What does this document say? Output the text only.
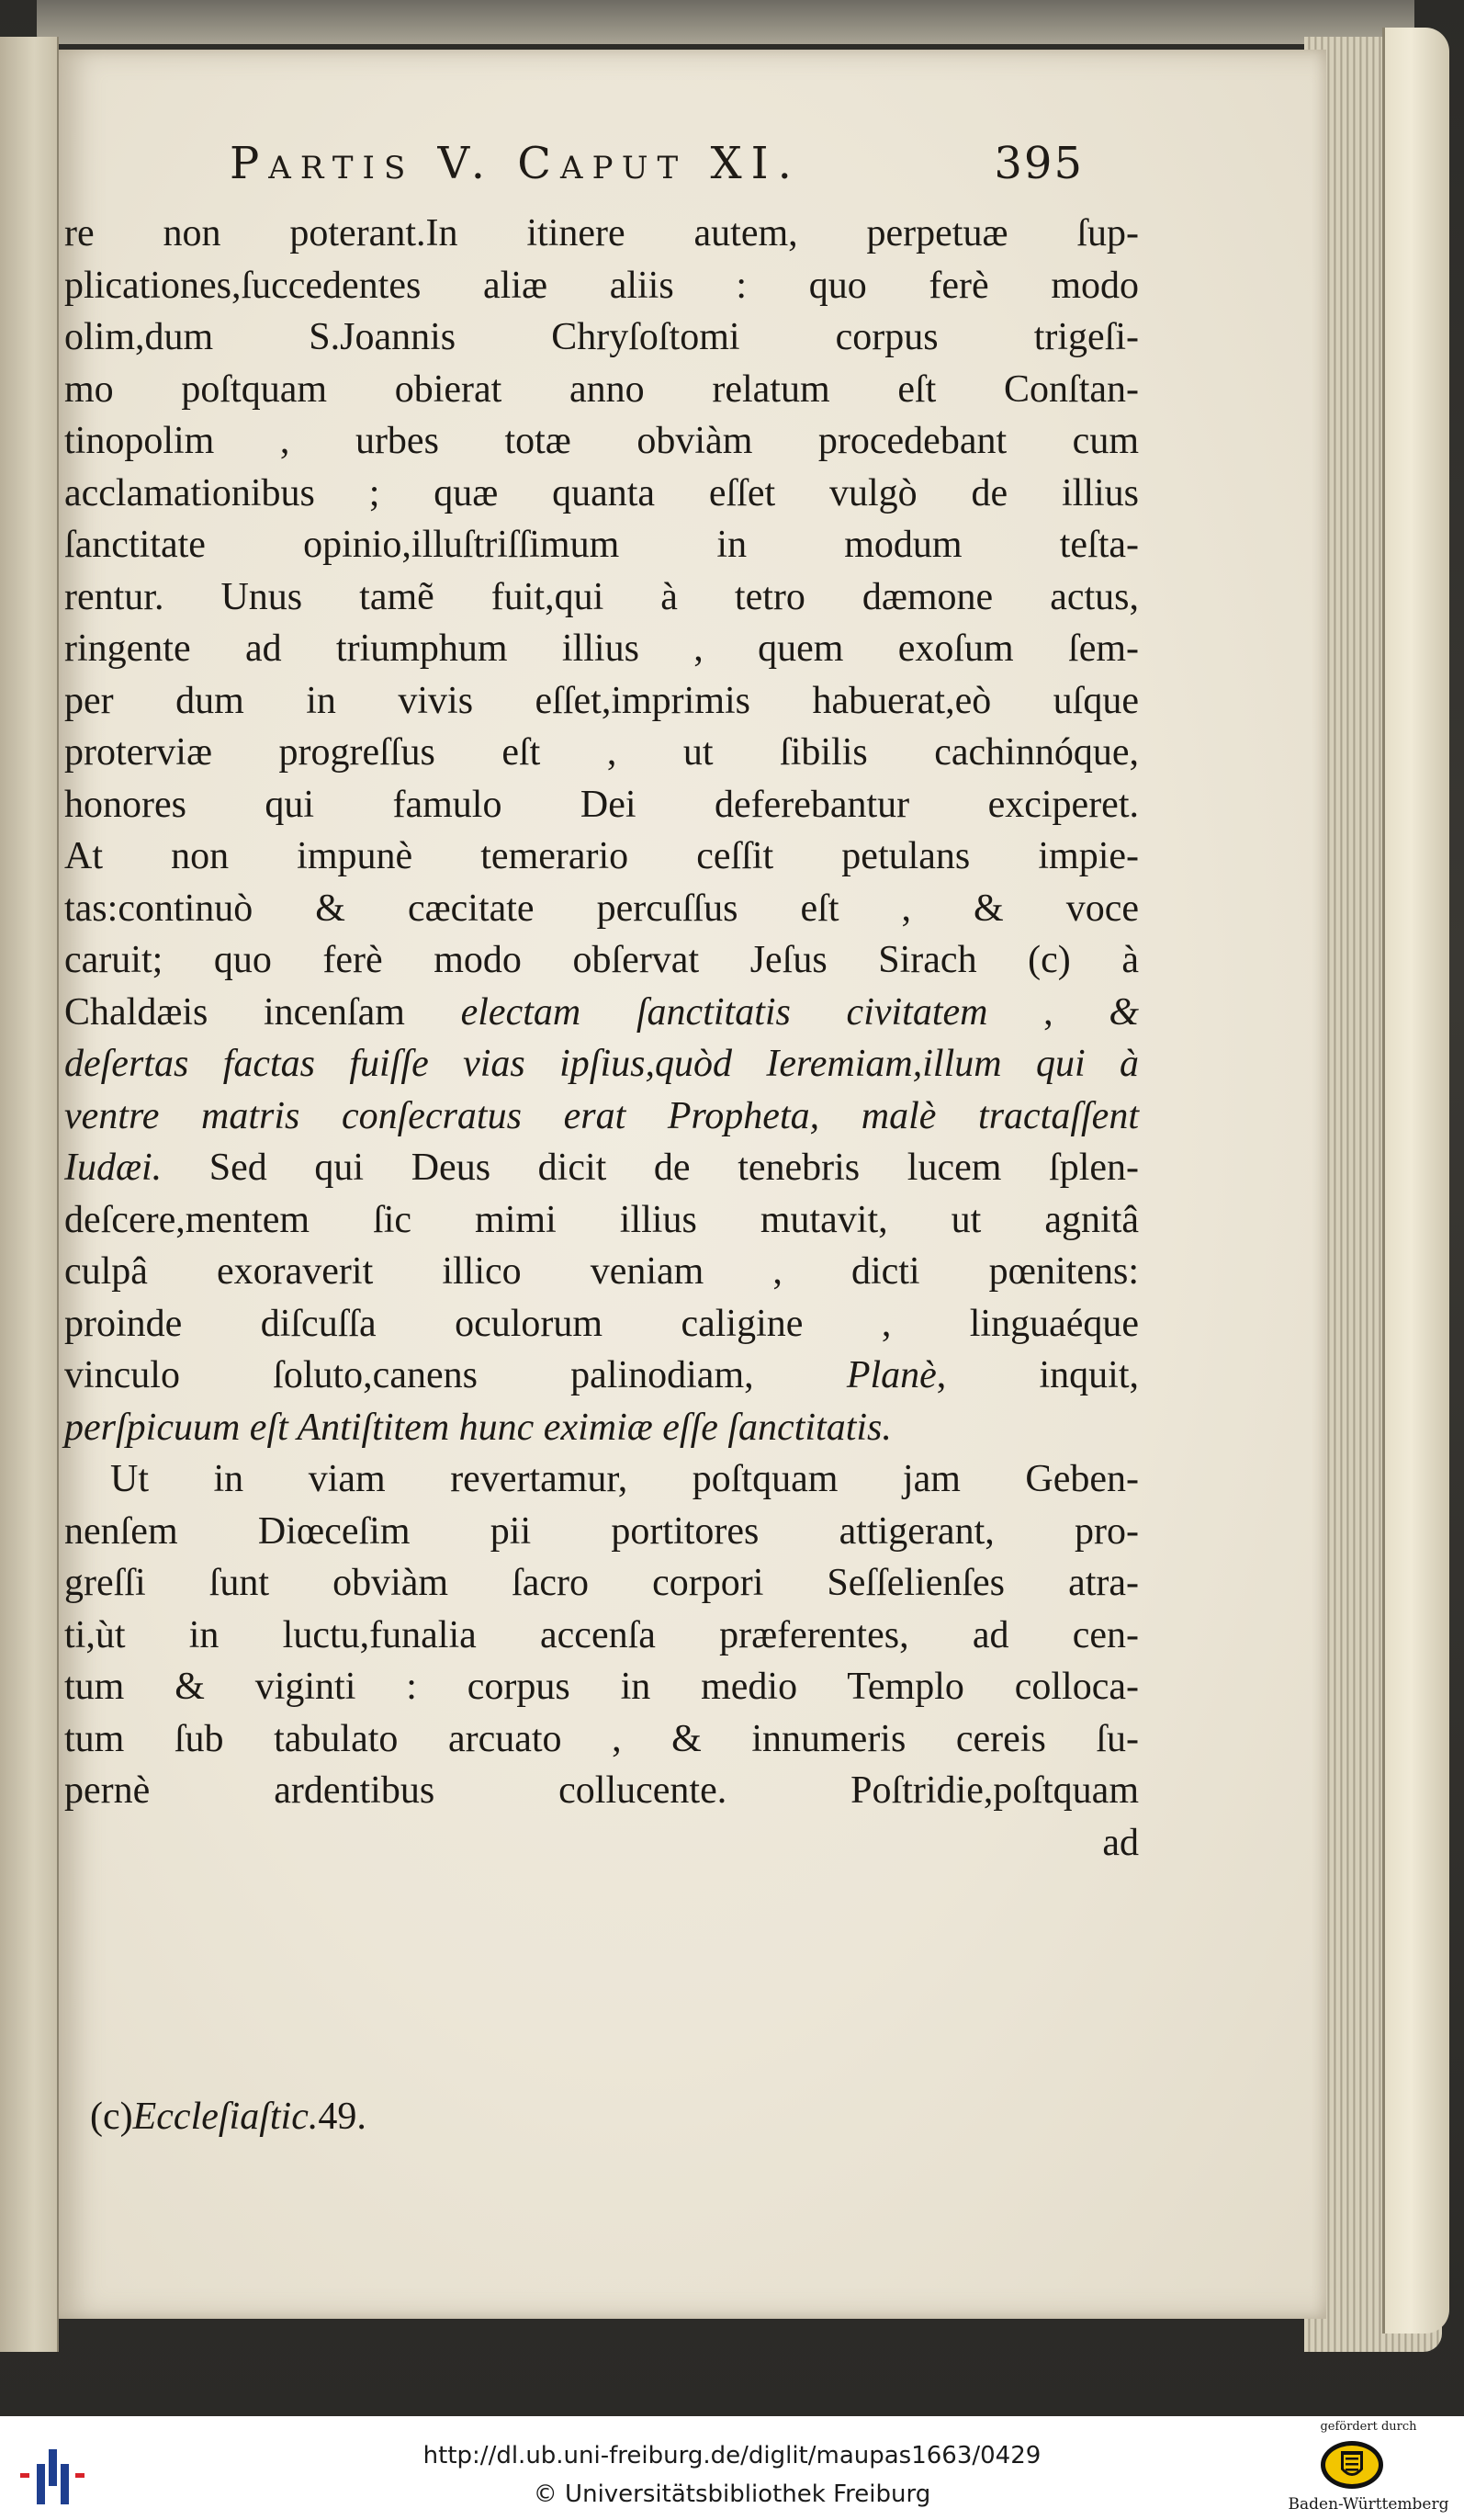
Partis V. Caput XI.	395
re non poterant.In itinere autem, perpetuæ ſup-
plicationes,ſuccedentes aliæ aliis : quo ferè modo
olim,dum S.Joannis Chryſoſtomi corpus trigeſi-
mo poſtquam obierat anno relatum eſt Conſtan-
tinopolim , urbes totæ obviàm procedebant cum
acclamationibus ; quæ quanta eſſet vulgò de illius
ſanctitate opinio,illuſtriſſimum in modum teſta-
rentur. Unus tamẽ fuit,qui à tetro dæmone actus,
ringente ad triumphum illius , quem exoſum ſem-
per dum in vivis eſſet,imprimis habuerat,eò uſque
proterviæ progreſſus eſt , ut ſibilis cachinnóque,
honores qui famulo Dei deferebantur exciperet.
At non impunè temerario ceſſit petulans impie-
tas:continuò & cæcitate percuſſus eſt , & voce
caruit; quo ferè modo obſervat Jeſus Sirach (c) à
Chaldæis incenſam electam ſanctitatis civitatem , &
deſertas factas fuiſſe vias ipſius,quòd Ieremiam,illum qui à
ventre matris conſecratus erat Propheta, malè tractaſſent
Iudæi. Sed qui Deus dicit de tenebris lucem ſplen-
deſcere,mentem ſic mimi illius mutavit, ut agnitâ
culpâ exoraverit illico veniam , dicti pœnitens:
proinde diſcuſſa oculorum caligine , linguaéque
vinculo ſoluto,canens palinodiam, Planè, inquit,
perſpicuum eſt Antiſtitem hunc eximiæ eſſe ſanctitatis.
Ut in viam revertamur, poſtquam jam Geben-
nenſem Diœceſim pii portitores attigerant, pro-
greſſi ſunt obviàm ſacro corpori Seſſelienſes atra-
ti,ùt in luctu,funalia accenſa præferentes, ad cen-
tum & viginti : corpus in medio Templo colloca-
tum ſub tabulato arcuato , & innumeris cereis ſu-
pernè ardentibus collucente. Poſtridie,poſtquam
ad
(c)Eccleſiaſtic.49.
http://dl.ub.uni-freiburg.de/diglit/maupas1663/0429
© Universitätsbibliothek Freiburg
gefördert durch
Baden-Württemberg
